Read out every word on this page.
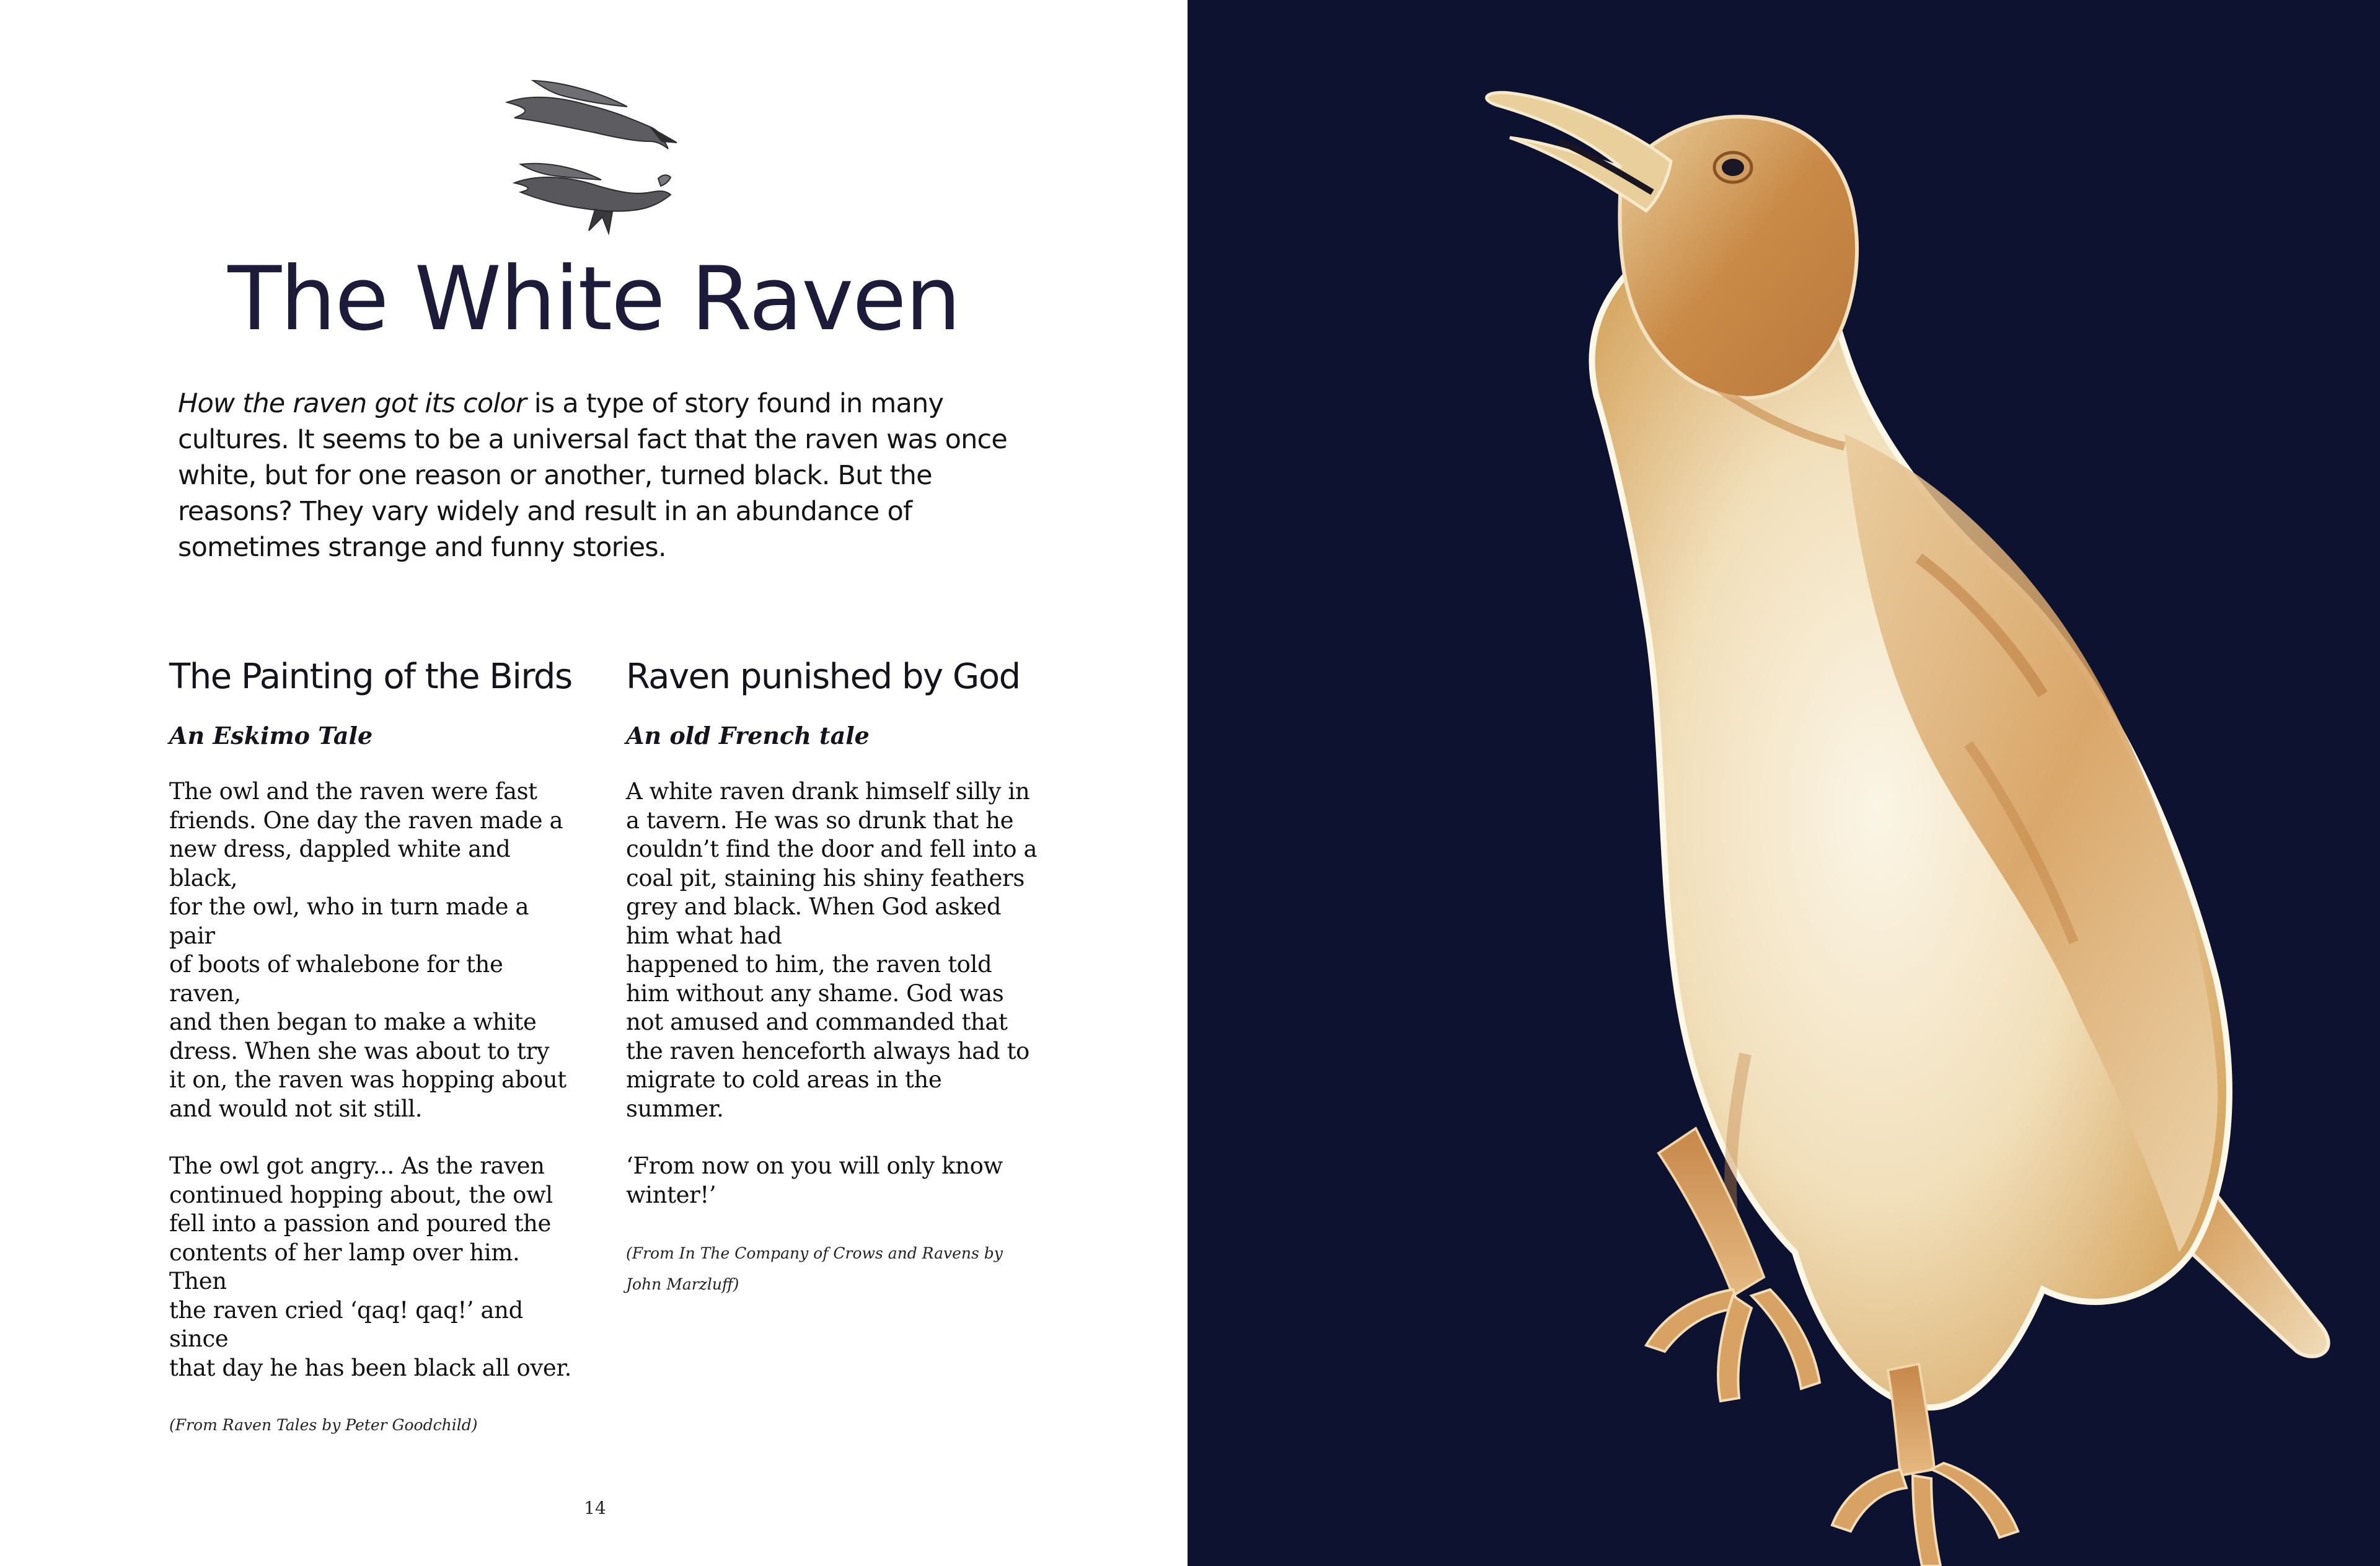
The White Raven
How the raven got its color is a type of story found in many cultures. It seems to be a universal fact that the raven was once white, but for one reason or another, turned black. But the reasons? They vary widely and result in an abundance of sometimes strange and funny stories.
The Painting of the Birds
An Eskimo Tale

The owl and the raven were fast
friends. One day the raven made a
new dress, dappled white and black,
for the owl, who in turn made a pair
of boots of whalebone for the raven,
and then began to make a white
dress. When she was about to try
it on, the raven was hopping about
and would not sit still.

The owl got angry... As the raven
continued hopping about, the owl
fell into a passion and poured the
contents of her lamp over him. Then
the raven cried ‘qaq! qaq!’ and since
that day he has been black all over.

(From Raven Tales by Peter Goodchild)
Raven punished by God
An old French tale

A white raven drank himself silly in
a tavern. He was so drunk that he
couldn’t find the door and fell into a
coal pit, staining his shiny feathers
grey and black. When God asked
him what had
happened to him, the raven told
him without any shame. God was
not amused and commanded that
the raven henceforth always had to
migrate to cold areas in the summer.

‘From now on you will only know
winter!’

(From In The Company of Crows and Ravens by
John Marzluff)
14
